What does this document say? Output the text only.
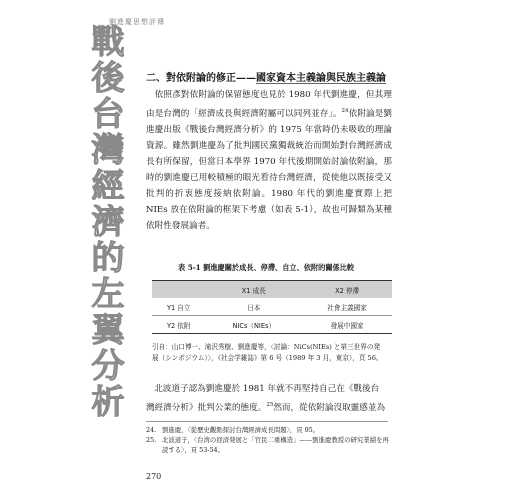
劉進慶思想評傳
戰
後
台
灣
經
濟
的
左
翼
分
析
二、對依附論的修正——國家資本主義論與民族主義論
依照彥對依附論的保留態度也見於 1980 年代劉進慶，但其理由是台灣的「經濟成長與經濟附屬可以同列並存」。$^{24}$依附論是劉進慶出版《戰後台灣經濟分析》的 1975 年當時仍未吸收的理論資源。雖然劉進慶為了批判國民黨獨裁統治而開始對台灣經濟成長有所保留，但當日本學界 1970 年代後期開始討論依附論，那時的劉進慶已用較積極的眼光看待台灣經濟，從使他以既接受又批判的折衷態度接納依附論。1980 年代的劉進慶實際上把 NIEs 放在依附論的框架下考慮（如表 5-1），故也可歸類為某種依附性發展論者。
表 5-1 劉進慶關於成長、停滯、自立、依附的關係比較
	X1 成長	X2 停滯
Y1 自立	日本	社會主義國家
Y2 依附	NICs（NIEs）	發展中國家
引自：山口博一、滝沢秀樹、劉進慶等，〈討論：NiCs(NIEs) と第三世界の発展（シンポジウム）〉，《社会学雑誌》第 6 号（1989 年 3 月，東京），頁 56。
北波道子認為劉進慶於 1981 年就不再堅持自己在《戰後台
灣經濟分析》批判公業的態度。$^{25}$然而，從依附論沒取靈感並為
24. 劉進慶，〈從歷史觀點探討台灣經濟成長問題〉，頁 95。
25. 北波道子，〈台湾の経済発展と「官民二重構造」——劉進慶教授の研究業績を再読する〉，頁 53-54。
270
